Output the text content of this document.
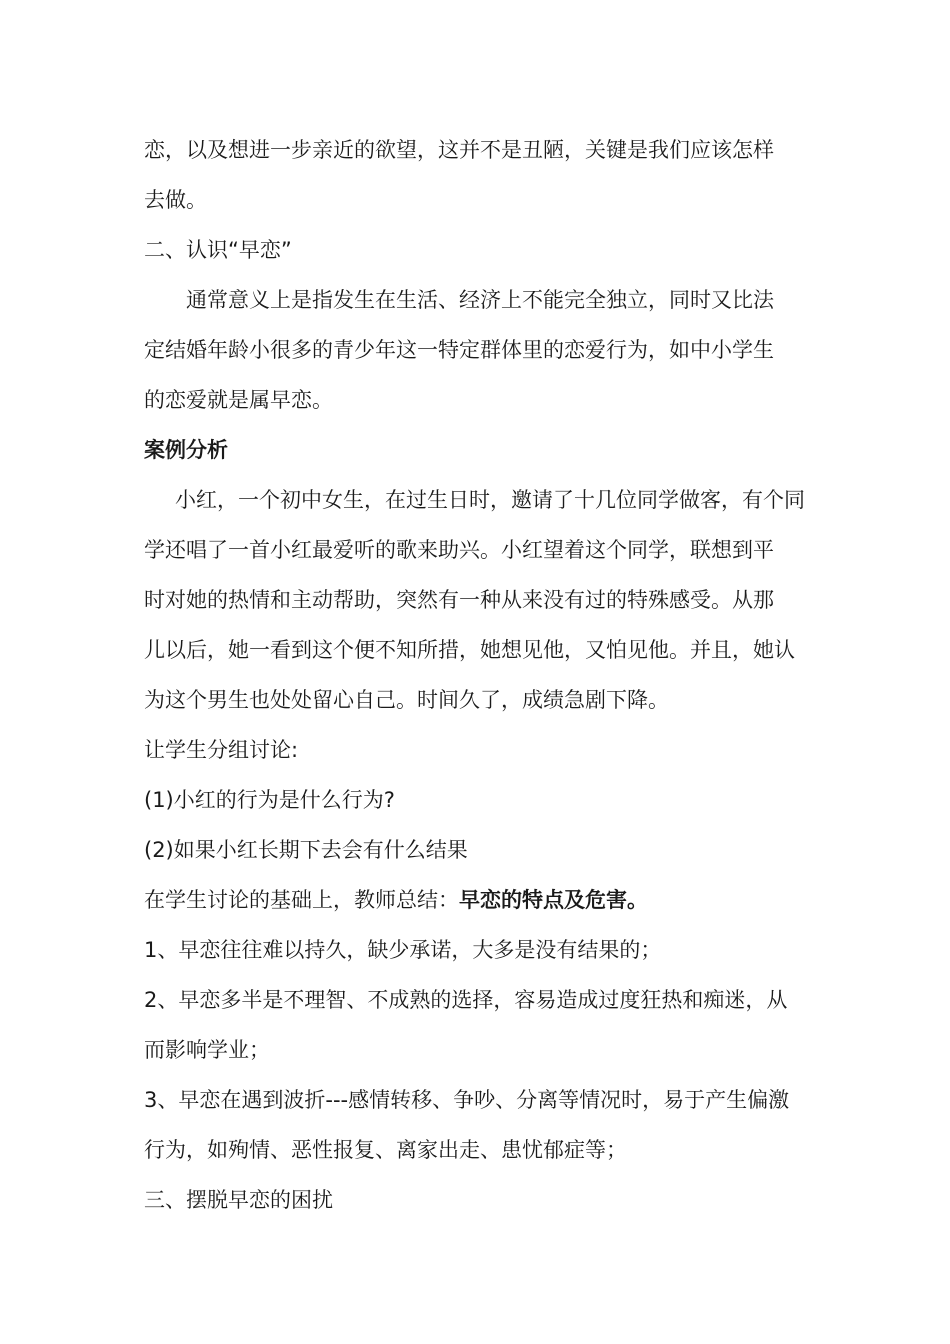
恋，以及想进一步亲近的欲望，这并不是丑陋，关键是我们应该怎样
去做。
二、认识“早恋”
　通常意义上是指发生在生活、经济上不能完全独立，同时又比法
定结婚年龄小很多的青少年这一特定群体里的恋爱行为，如中小学生
的恋爱就是属早恋。
案例分析
　小红，一个初中女生，在过生日时，邀请了十几位同学做客，有个同
学还唱了一首小红最爱听的歌来助兴。小红望着这个同学，联想到平
时对她的热情和主动帮助，突然有一种从来没有过的特殊感受。从那
儿以后，她一看到这个便不知所措，她想见他，又怕见他。并且，她认
为这个男生也处处留心自己。时间久了，成绩急剧下降。
让学生分组讨论:
(1)小红的行为是什么行为?
(2)如果小红长期下去会有什么结果
在学生讨论的基础上，教师总结：早恋的特点及危害。
1、早恋往往难以持久，缺少承诺，大多是没有结果的；
2、早恋多半是不理智、不成熟的选择，容易造成过度狂热和痴迷，从
而影响学业；
3、早恋在遇到波折---感情转移、争吵、分离等情况时，易于产生偏激
行为，如殉情、恶性报复、离家出走、患忧郁症等；
三、摆脱早恋的困扰
